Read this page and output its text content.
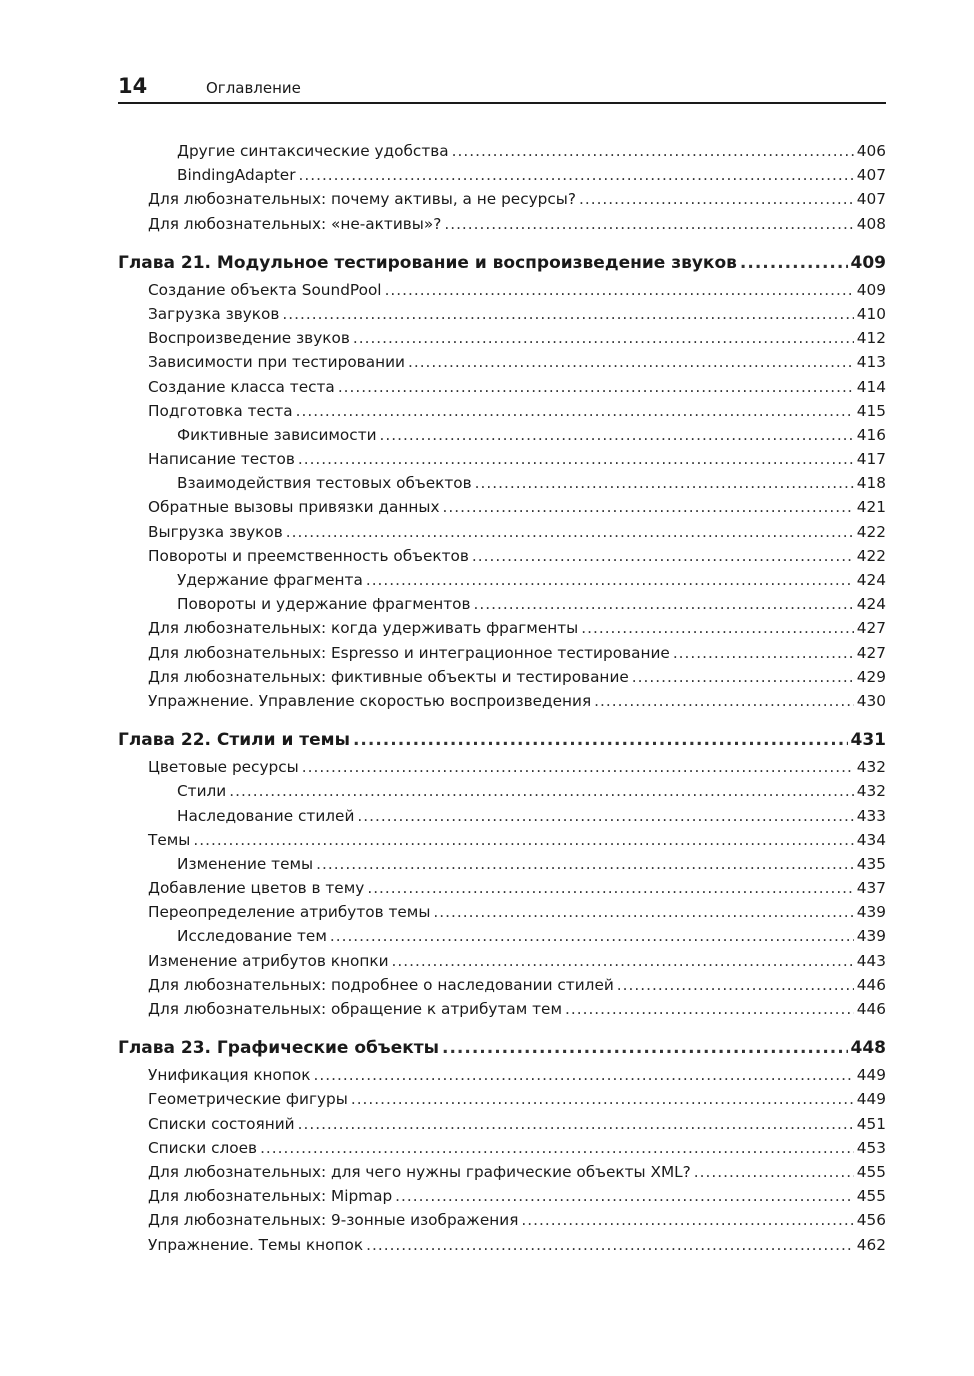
14	Оглавление
Другие синтаксические удобства .....	406
BindingAdapter .....	407
Для любознательных: почему активы, а не ресурсы? .....	407
Для любознательных: «не-активы»? .....	408
Глава 21. Модульное тестирование и воспроизведение звуков .....	409
Создание объекта SoundPool .....	409
Загрузка звуков .....	410
Воспроизведение звуков .....	412
Зависимости при тестировании .....	413
Создание класса теста .....	414
Подготовка теста .....	415
Фиктивные зависимости .....	416
Написание тестов .....	417
Взаимодействия тестовых объектов .....	418
Обратные вызовы привязки данных .....	421
Выгрузка звуков .....	422
Повороты и преемственность объектов .....	422
Удержание фрагмента .....	424
Повороты и удержание фрагментов .....	424
Для любознательных: когда удерживать фрагменты .....	427
Для любознательных: Espresso и интеграционное тестирование .....	427
Для любознательных: фиктивные объекты и тестирование .....	429
Упражнение. Управление скоростью воспроизведения .....	430
Глава 22. Стили и темы .....	431
Цветовые ресурсы .....	432
Стили .....	432
Наследование стилей .....	433
Темы .....	434
Изменение темы .....	435
Добавление цветов в тему .....	437
Переопределение атрибутов темы .....	439
Исследование тем .....	439
Изменение атрибутов кнопки .....	443
Для любознательных: подробнее о наследовании стилей .....	446
Для любознательных: обращение к атрибутам тем .....	446
Глава 23. Графические объекты .....	448
Унификация кнопок .....	449
Геометрические фигуры .....	449
Списки состояний .....	451
Списки слоев .....	453
Для любознательных: для чего нужны графические объекты XML? .....	455
Для любознательных: Mipmap .....	455
Для любознательных: 9-зонные изображения .....	456
Упражнение. Темы кнопок .....	462
